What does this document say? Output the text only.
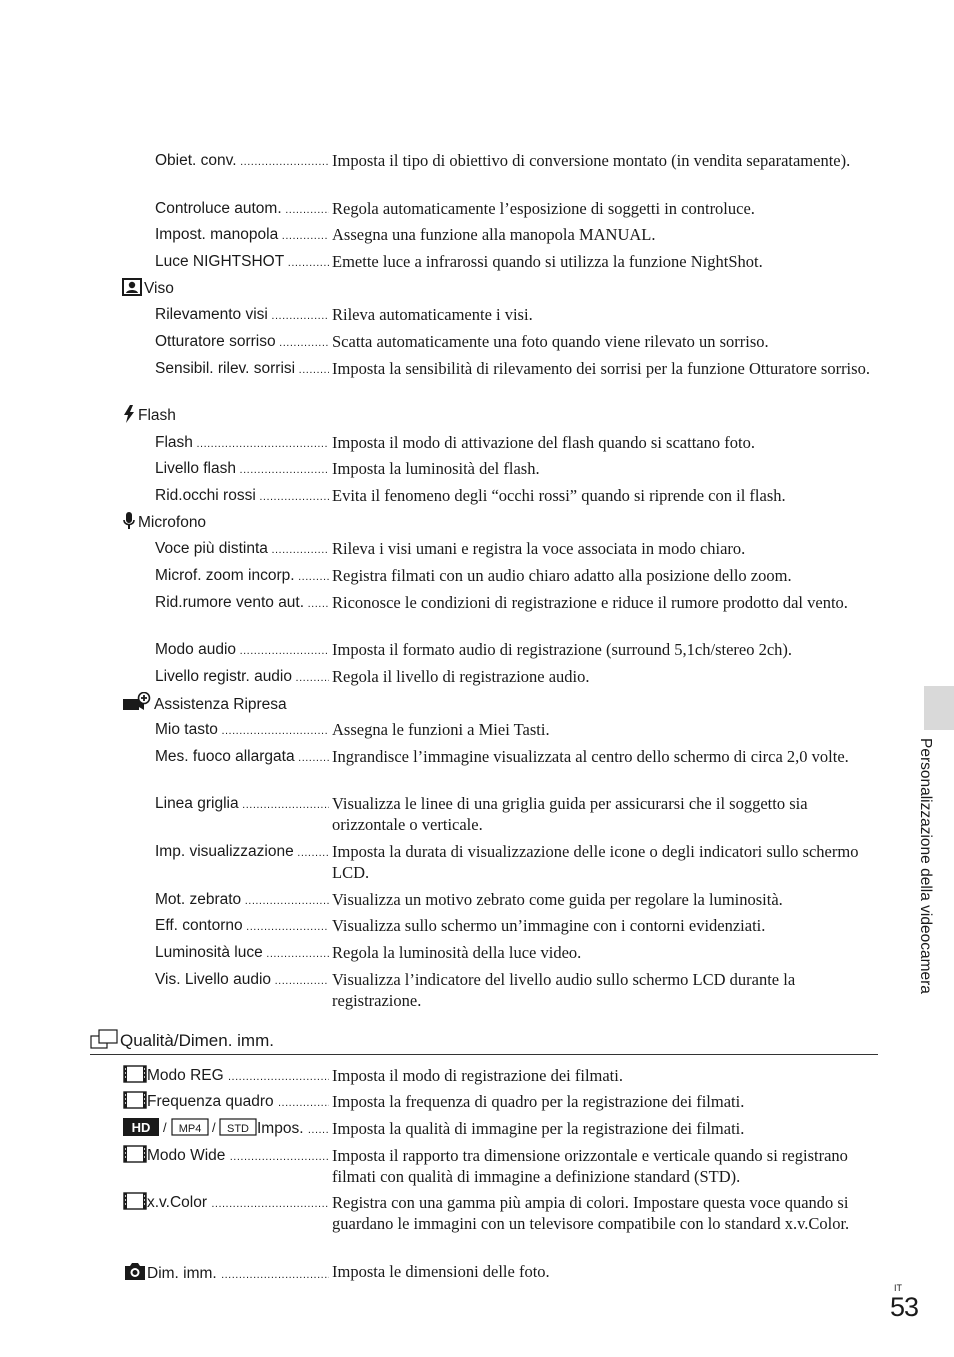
Obiet. conv. .....	Imposta il tipo di obiettivo di conversione montato (in vendita separatamente).
Controluce autom. .....	Regola automaticamente l’esposizione di soggetti in controluce.
Impost. manopola .....	Assegna una funzione alla manopola MANUAL.
Luce NIGHTSHOT .....	Emette luce a infrarossi quando si utilizza la funzione NightShot.
Viso
Rilevamento visi .....	Rileva automaticamente i visi.
Otturatore sorriso .....	Scatta automaticamente una foto quando viene rilevato un sorriso.
Sensibil. rilev. sorrisi .....	Imposta la sensibilità di rilevamento dei sorrisi per la funzione Otturatore sorriso.
Flash
Flash .....	Imposta il modo di attivazione del flash quando si scattano foto.
Livello flash .....	Imposta la luminosità del flash.
Rid.occhi rossi .....	Evita il fenomeno degli “occhi rossi” quando si riprende con il flash.
Microfono
Voce più distinta .....	Rileva i visi umani e registra la voce associata in modo chiaro.
Microf. zoom incorp. .....	Registra filmati con un audio chiaro adatto alla posizione dello zoom.
Rid.rumore vento aut. .....	Riconosce le condizioni di registrazione e riduce il rumore prodotto dal vento.
Modo audio .....	Imposta il formato audio di registrazione (surround 5,1ch/stereo 2ch).
Livello registr. audio .....	Regola il livello di registrazione audio.
Assistenza Ripresa
Mio tasto .....	Assegna le funzioni a Miei Tasti.
Mes. fuoco allargata .....	Ingrandisce l’immagine visualizzata al centro dello schermo di circa 2,0 volte.
Linea griglia .....	Visualizza le linee di una griglia guida per assicurarsi che il soggetto sia orizzontale o verticale.
Imp. visualizzazione .....	Imposta la durata di visualizzazione delle icone o degli indicatori sullo schermo LCD.
Mot. zebrato .....	Visualizza un motivo zebrato come guida per regolare la luminosità.
Eff. contorno .....	Visualizza sullo schermo un’immagine con i contorni evidenziati.
Luminosità luce .....	Regola la luminosità della luce video.
Vis. Livello audio .....	Visualizza l’indicatore del livello audio sullo schermo LCD durante la registrazione.
Qualità/Dimen. imm.
Modo REG .....	Imposta il modo di registrazione dei filmati.
Frequenza quadro .....	Imposta la frequenza di quadro per la registrazione dei filmati.
HD / MP4 / STD Impos. .....	Imposta la qualità di immagine per la registrazione dei filmati.
Modo Wide .....	Imposta il rapporto tra dimensione orizzontale e verticale quando si registrano filmati con qualità di immagine a definizione standard (STD).
x.v.Color .....	Registra con una gamma più ampia di colori. Impostare questa voce quando si guardano le immagini con un televisore compatibile con lo standard x.v.Color.
Dim. imm. .....	Imposta le dimensioni delle foto.
Personalizzazione della videocamera
IT
53
